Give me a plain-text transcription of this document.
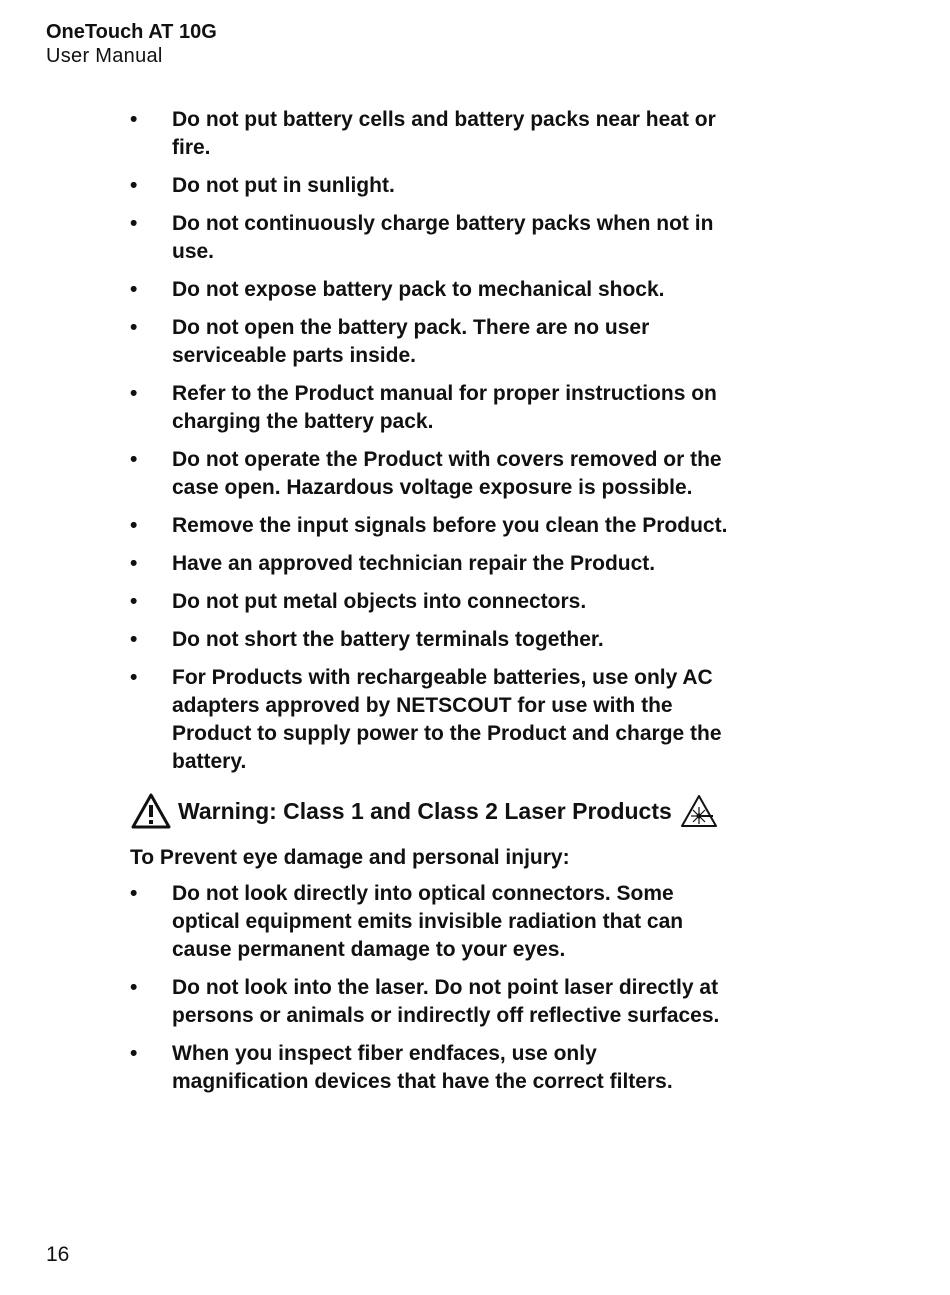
OneTouch AT 10G

User Manual

• Do not put battery cells and battery packs near heat or fire.
• Do not put in sunlight.
• Do not continuously charge battery packs when not in use.
• Do not expose battery pack to mechanical shock.
• Do not open the battery pack. There are no user serviceable parts inside.
• Refer to the Product manual for proper instructions on charging the battery pack.
• Do not operate the Product with covers removed or the case open. Hazardous voltage exposure is possible.
• Remove the input signals before you clean the Product.
• Have an approved technician repair the Product.
• Do not put metal objects into connectors.
• Do not short the battery terminals together.
• For Products with rechargeable batteries, use only AC adapters approved by NETSCOUT for use with the Product to supply power to the Product and charge the battery.
Warning: Class 1 and Class 2 Laser Products

To Prevent eye damage and personal injury:

• Do not look directly into optical connectors. Some optical equipment emits invisible radiation that can cause permanent damage to your eyes.
• Do not look into the laser. Do not point laser directly at persons or animals or indirectly off reflective surfaces.
• When you inspect fiber endfaces, use only magnification devices that have the correct filters.
16
